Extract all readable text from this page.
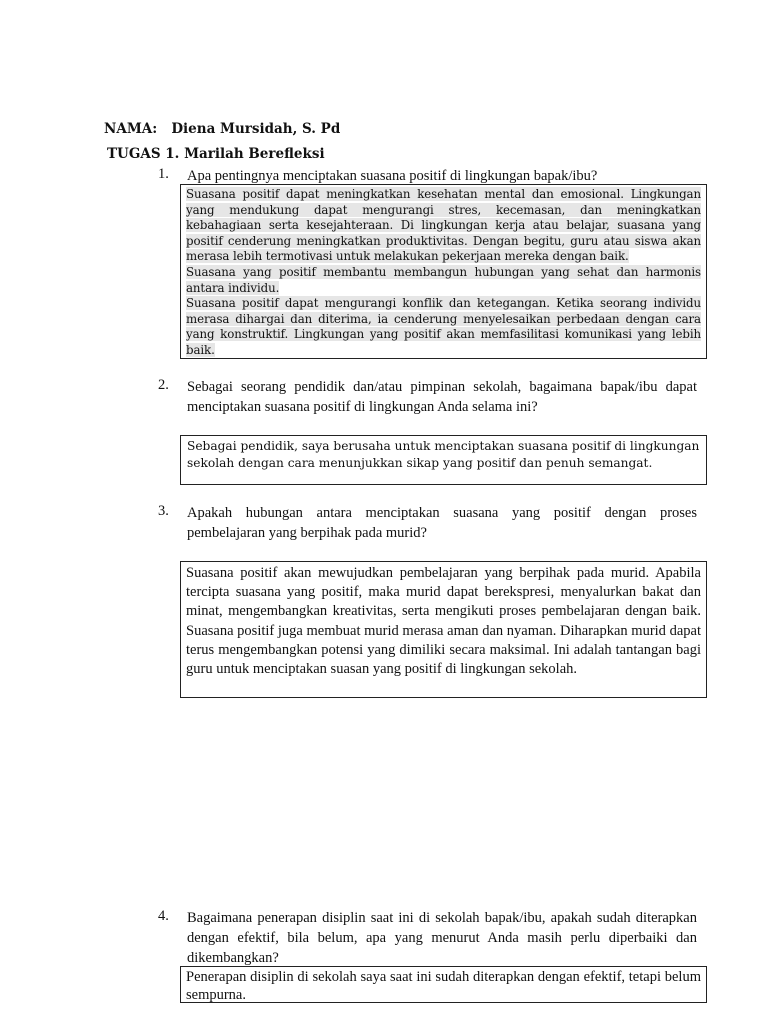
NAMA: Diena Mursidah, S. Pd
TUGAS 1. Marilah Berefleksi
1. Apa pentingnya menciptakan suasana positif di lingkungan bapak/ibu?

Suasana positif dapat meningkatkan kesehatan mental dan emosional. Lingkungan yang mendukung dapat mengurangi stres, kecemasan, dan meningkatkan kebahagiaan serta kesejahteraan. Di lingkungan kerja atau belajar, suasana yang positif cenderung meningkatkan produktivitas. Dengan begitu, guru atau siswa akan merasa lebih termotivasi untuk melakukan pekerjaan mereka dengan baik.

Suasana yang positif membantu membangun hubungan yang sehat dan harmonis antara individu.

Suasana positif dapat mengurangi konflik dan ketegangan. Ketika seorang individu merasa dihargai dan diterima, ia cenderung menyelesaikan perbedaan dengan cara yang konstruktif. Lingkungan yang positif akan memfasilitasi komunikasi yang lebih baik.

2. Sebagai seorang pendidik dan/atau pimpinan sekolah, bagaimana bapak/ibu dapat menciptakan suasana positif di lingkungan Anda selama ini?

Sebagai pendidik, saya berusaha untuk menciptakan suasana positif di lingkungan sekolah dengan cara menunjukkan sikap yang positif dan penuh semangat.

3. Apakah hubungan antara menciptakan suasana yang positif dengan proses pembelajaran yang berpihak pada murid?

Suasana positif akan mewujudkan pembelajaran yang berpihak pada murid. Apabila tercipta suasana yang positif, maka murid dapat berekspresi, menyalurkan bakat dan minat, mengembangkan kreativitas, serta mengikuti proses pembelajaran dengan baik. Suasana positif juga membuat murid merasa aman dan nyaman. Diharapkan murid dapat terus mengembangkan potensi yang dimiliki secara maksimal. Ini adalah tantangan bagi guru untuk menciptakan suasan yang positif di lingkungan sekolah.

4. Bagaimana penerapan disiplin saat ini di sekolah bapak/ibu, apakah sudah diterapkan dengan efektif, bila belum, apa yang menurut Anda masih perlu diperbaiki dan dikembangkan?

Penerapan disiplin di sekolah saya saat ini sudah diterapkan dengan efektif, tetapi belum sempurna.
